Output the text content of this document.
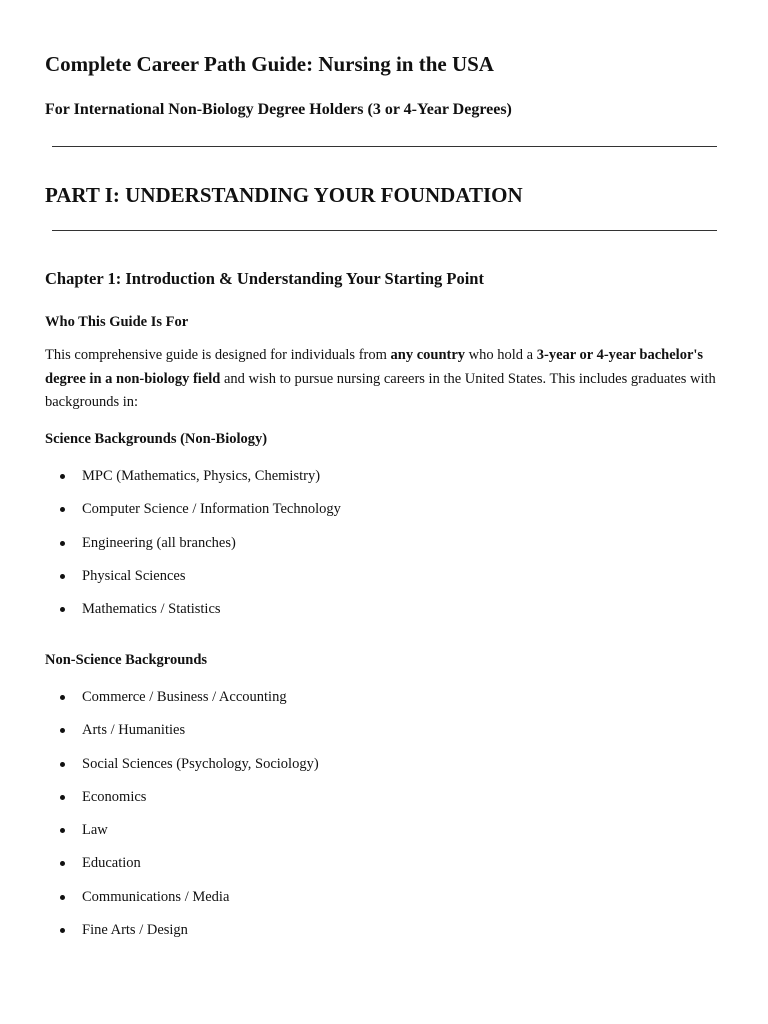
Complete Career Path Guide: Nursing in the USA
For International Non-Biology Degree Holders (3 or 4-Year Degrees)
PART I: UNDERSTANDING YOUR FOUNDATION
Chapter 1: Introduction & Understanding Your Starting Point
Who This Guide Is For

This comprehensive guide is designed for individuals from any country who hold a 3-year or 4-year bachelor's degree in a non-biology field and wish to pursue nursing careers in the United States. This includes graduates with backgrounds in:

Science Backgrounds (Non-Biology)
MPC (Mathematics, Physics, Chemistry)
Computer Science / Information Technology
Engineering (all branches)
Physical Sciences
Mathematics / Statistics
Non-Science Backgrounds
Commerce / Business / Accounting
Arts / Humanities
Social Sciences (Psychology, Sociology)
Economics
Law
Education
Communications / Media
Fine Arts / Design
